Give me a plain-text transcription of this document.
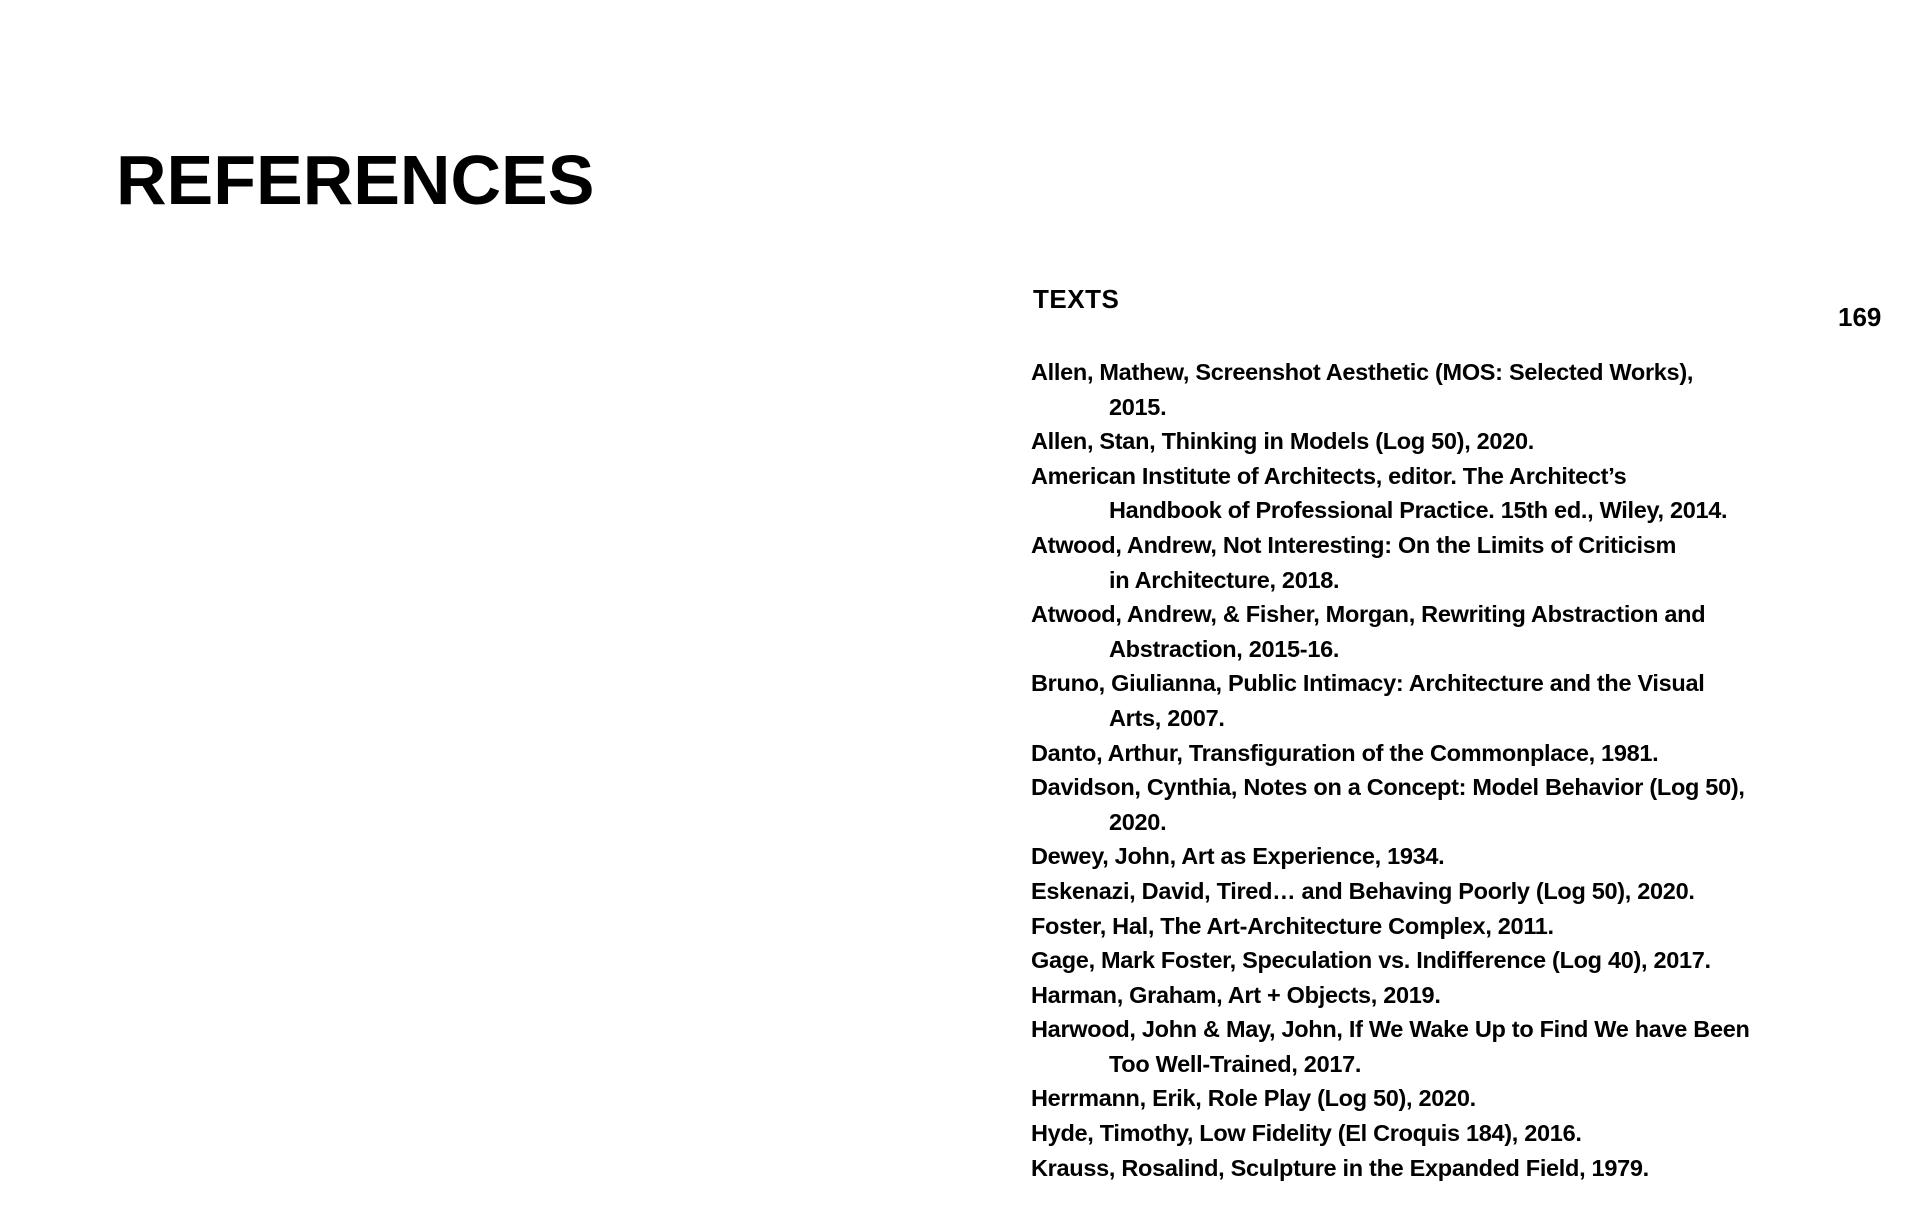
REFERENCES
TEXTS
169
Allen, Mathew, Screenshot Aesthetic (MOS: Selected Works),
2015.
Allen, Stan, Thinking in Models (Log 50), 2020.
American Institute of Architects, editor. The Architect’s
Handbook of Professional Practice. 15th ed., Wiley, 2014.
Atwood, Andrew, Not Interesting: On the Limits of Criticism
in Architecture, 2018.
Atwood, Andrew, & Fisher, Morgan, Rewriting Abstraction and
Abstraction, 2015-16.
Bruno, Giulianna, Public Intimacy: Architecture and the Visual
Arts, 2007.
Danto, Arthur, Transfiguration of the Commonplace, 1981.
Davidson, Cynthia, Notes on a Concept: Model Behavior (Log 50),
2020.
Dewey, John, Art as Experience, 1934.
Eskenazi, David, Tired… and Behaving Poorly (Log 50), 2020.
Foster, Hal, The Art-Architecture Complex, 2011.
Gage, Mark Foster, Speculation vs. Indifference (Log 40), 2017.
Harman, Graham, Art + Objects, 2019.
Harwood, John & May, John, If We Wake Up to Find We have Been
Too Well-Trained, 2017.
Herrmann, Erik, Role Play (Log 50), 2020.
Hyde, Timothy, Low Fidelity (El Croquis 184), 2016.
Krauss, Rosalind, Sculpture in the Expanded Field, 1979.
